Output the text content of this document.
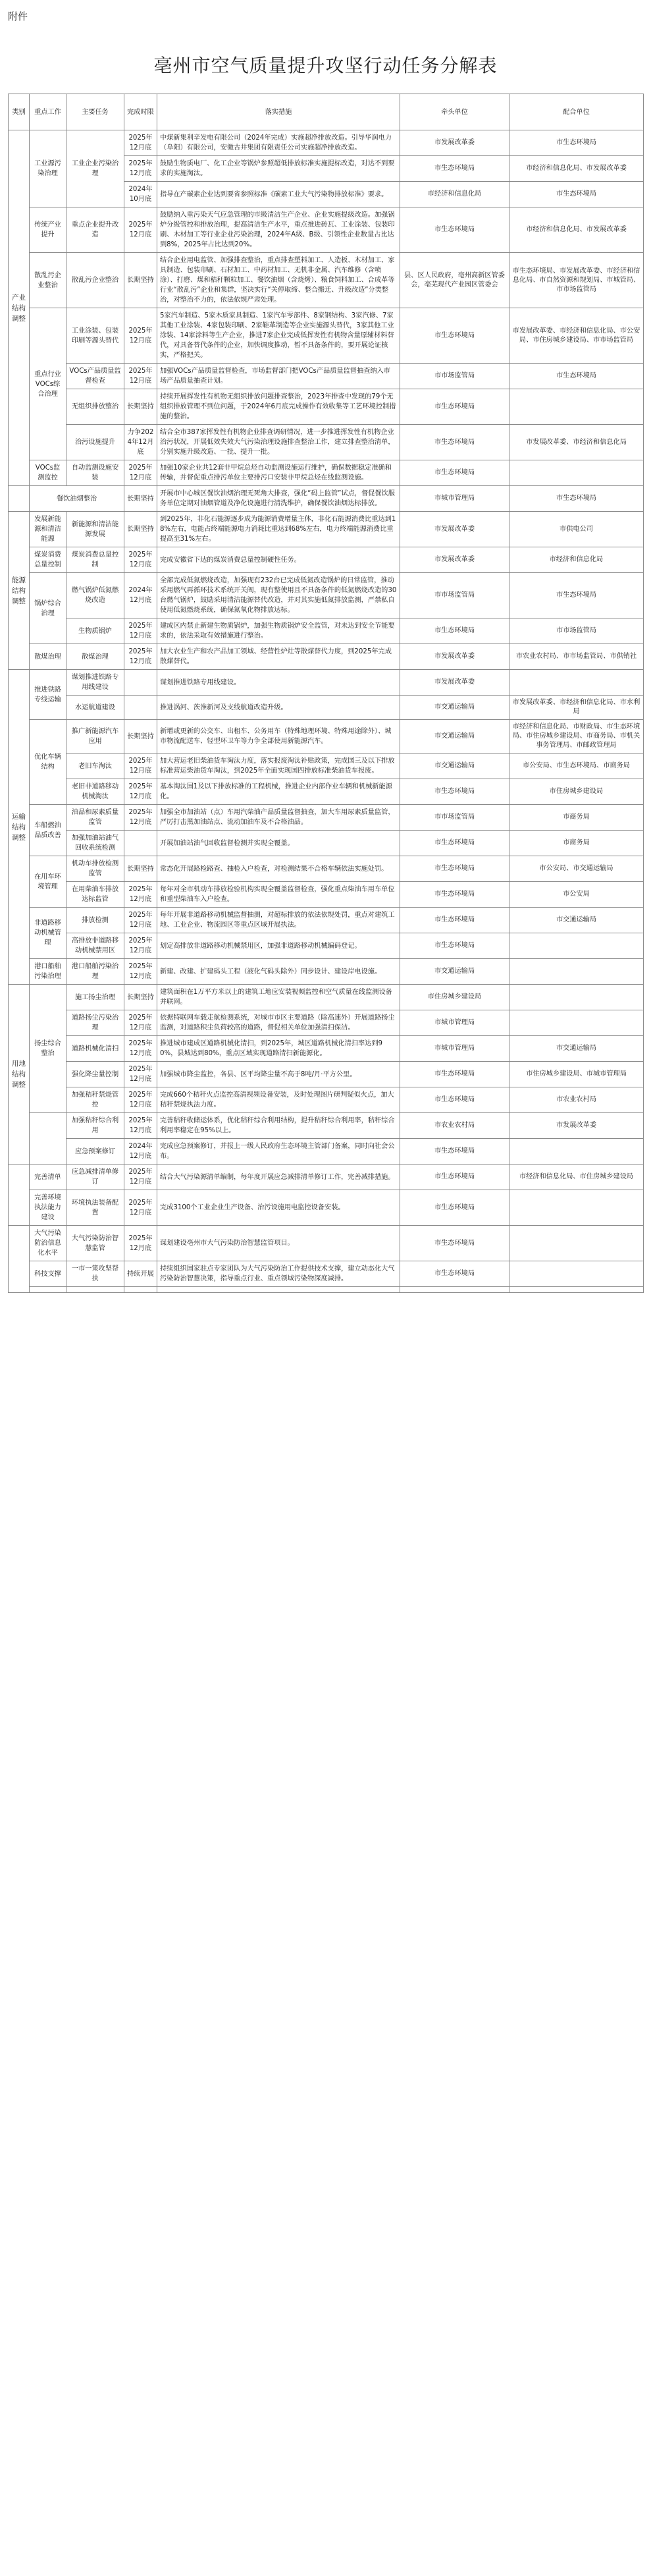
附件
亳州市空气质量提升攻坚行动任务分解表
类别	重点工作	主要任务	完成时限	落实措施	牵头单位	配合单位
产业结构调整	工业源污染治理	工业企业污染治理	2025年12月底	中煤新集利辛发电有限公司（2024年完成）实施超净排放改造。引导华润电力（阜阳）有限公司，安徽古井集团有限责任公司实施超净排放改造。	市发展改革委	市生态环境局
			2025年12月底	鼓励生物质电厂、化工企业等锅炉参照超低排放标准实施提标改造，对达不到要求的实施淘汰。	市生态环境局	市经济和信息化局、市发展改革委
			2024年10月底	指导在产碳素企业达到要省参照标准《碳素工业大气污染物排放标准》要求。	市经济和信息化局	市生态环境局
	传统产业提升	重点企业提升改造	2025年12月底	鼓励纳入重污染天气应急管理的市级清洁生产企业、企业实施提级改造。加强锅炉分级管控和排放治理，提高清洁生产水平，重点推进砖瓦、工业涂装、包装印刷、木材加工等行业企业污染治理，2024年A级、B级、引领性企业数量占比达到8%，2025年占比达到20%。	市生态环境局	市经济和信息化局、市发展改革委
	散乱污企业整治	散乱污企业整治	长期坚持	结合企业用电监管、加强排查整治，重点排查塑料加工、人造板、木材加工、家具制造、包装印刷、石材加工、中药材加工、无机非金属、汽车维修（含喷涂）、打磨、煤和秸秆颗粒加工、餐饮油烟（含烧烤）、粮食饲料加工、合成革等行业“散乱污”企业和集群，坚决实行“关停取缔、整合搬迁、升级改造”分类整治，对整治不力的，依法依规严肃处理。	县、区人民政府，亳州高新区管委会，亳芜现代产业园区管委会	市生态环境局、市发展改革委、市经济和信息化局、市自然资源和规划局、市城管局、市市场监管局
	重点行业VOCs综合治理	工业涂装、包装印刷等源头替代	2025年12月底	5家汽车制造、5家木质家具制造、1家汽车零部件、8家钢结构、3家汽修、7家其他工业涂装、4家包装印刷、2家鞋革制造等企业实施源头替代，3家其他工业涂装、14家涂料等生产企业，推进7家企业完成低挥发性有机物含量原辅材料替代，对具备替代条件的企业，加快调度推动，暂不具备条件的，要开展论证核实，严格把关。	市生态环境局	市发展改革委、市经济和信息化局、市公安局、市住房城乡建设局、市市场监管局
		VOCs产品质量监督检查	2025年12月底	加强VOCs产品质量监督检查，市场监督部门把VOCs产品质量监督抽查纳入市场产品质量抽查计划。	市市场监管局	市生态环境局
		无组织排放整治	长期坚持	持续开展挥发性有机物无组织排放问题排查整治，2023年排查中发现的79个无组织排放管理不到位问题，于2024年6月底完成操作有效收集等工艺环境控制措施的整治。	市生态环境局	
		治污设施提升	力争2024年12月底	结合全市387家挥发性有机物企业排查调研情况，进一步推进挥发性有机物企业治污状况，开展低效失效大气污染治理设施排查整治工作，建立排查整治清单，分别实施升级改造、一批、提升一批。	市生态环境局	市发展改革委、市经济和信息化局
	VOCs监测监控	自动监测设施安装	2025年12月底	加强10家企业共12套非甲烷总烃自动监测设施运行维护，确保数据稳定准确和传输，并督促重点排污单位主要排污口安装非甲烷总烃在线监测设施。	市生态环境局	
	餐饮油烟整治		长期坚持	开展市中心城区餐饮油烟治理无死角大排查，强化“码上监管”试点，督促餐饮服务单位定期对油烟管道及净化设施进行清洗维护，确保餐饮油烟达标排放。	市城市管理局	市生态环境局
能源结构调整	发展新能源和清洁能源	新能源和清洁能源发展	长期坚持	到2025年，非化石能源逐步成为能源消费增量主体，非化石能源消费比重达到18%左右，电能占终端能源电力消耗比重达到68%左右，电力终端能源消费比重提高至31%左右。	市发展改革委	市供电公司
	煤炭消费总量控制	煤炭消费总量控制	2025年12月底	完成安徽省下达的煤炭消费总量控制硬性任务。	市发展改革委	市经济和信息化局
	锅炉综合治理	燃气锅炉低氮燃烧改造	2024年12月底	全部完成低氮燃烧改造，加强现有232台已完成低氮改造锅炉的日常监管，推动采用燃气再循环技术系统开关阀，现有整使用且不具备条件的低氮燃烧改造的30台燃气锅炉，鼓励采用清洁能源替代改造，并对其实施低氮排放监测，严禁私自使用低氮燃烧系统，确保氮氧化物排放达标。	市市场监管局	市生态环境局
		生物质锅炉	2025年12月底	建成区内禁止新建生物质锅炉，加强生物质锅炉安全监管，对未达到安全节能要求的，依法采取有效措施进行整治。	市生态环境局	市市场监管局
	散煤治理	散煤治理	2025年12月底	加大农业生产和农产品加工领域、经营性炉灶等散煤替代力度，到2025年完成散煤替代。	市发展改革委	市农业农村局、市市场监管局、市供销社
运输结构调整	推进铁路专线运输	谋划推进铁路专用线建设		谋划推进铁路专用线建设。	市发展改革委	
		水运航道建设		推进涡河、茨淮新河及支线航道改造升级。	市交通运输局	市发展改革委、市经济和信息化局、市水利局
	优化车辆结构	推广新能源汽车应用	长期坚持	新增或更新的公交车、出租车、公务用车（特殊地理环境、特殊用途除外）、城市物流配送车、轻型环卫车等力争全部使用新能源汽车。	市交通运输局	市经济和信息化局、市财政局、市生态环境局、市住房城乡建设局、市商务局、市机关事务管理局、市邮政管理局
		老旧车淘汰	2025年12月底	加大营运老旧柴油货车淘汰力度，落实报废淘汰补贴政策，完成国三及以下排放标准营运柴油货车淘汰，到2025年全面实现国四排放标准柴油货车报废。	市交通运输局	市公安局、市生态环境局、市商务局
		老旧非道路移动机械淘汰	2025年12月底	基本淘汰国1及以下排放标准的工程机械，推进企业内部作业车辆和机械新能源化。	市生态环境局	市住房城乡建设局
	车船燃油品质改善	油品和尿素质量监管	2025年12月底	加强全市加油站（点）车用汽柴油产品质量监督抽查，加大车用尿素质量监管，严厉打击黑加油站点、流动加油车及不合格油品。	市市场监管局	市商务局
		加强加油站油气回收系统检测		开展加油站油气回收监督检测并实现全覆盖。	市生态环境局	市商务局
	在用车环境管理	机动车排放检测监管	长期坚持	常态化开展路检路查、抽检入户检查，对检测结果不合格车辆依法实施处罚。	市生态环境局	市公安局、市交通运输局
		在用柴油车排放达标监管	2025年12月底	每年对全市机动车排放检验机构实现全覆盖监督检查，强化重点柴油车用车单位和重型柴油车入户检查。	市生态环境局	市公安局
	非道路移动机械管理	排放检测	2025年12月底	每年开展非道路移动机械监督抽测，对超标排放的依法依规处罚，重点对建筑工地、工业企业、物流园区等重点区域开展执法。	市生态环境局	市交通运输局
		高排放非道路移动机械禁用区	2025年12月底	划定高排放非道路移动机械禁用区，加强非道路移动机械编码登记。	市生态环境局	
	港口船舶污染治理	港口船舶污染治理	2025年12月底	新建、改建、扩建码头工程（液化气码头除外）同步设计、建设岸电设施。	市交通运输局	
用地结构调整	扬尘综合整治	施工扬尘治理	长期坚持	建筑面积在1万平方米以上的建筑工地应安装视频监控和空气质量在线监测设备并联网。	市住房城乡建设局	
		道路扬尘污染治理	2025年12月底	依据特联网车载走航检测系统，对城市市区主要道路（除高速外）开展道路扬尘监测，对道路积尘负荷较高的道路，督促相关单位加强清扫保洁。	市城市管理局	
		道路机械化清扫	2025年12月底	推进城市建成区道路机械化清扫，到2025年，城区道路机械化清扫率达到90%，县城达到80%，重点区域实现道路清扫新能源化。	市城市管理局	市交通运输局
		强化降尘量控制	2025年12月底	加强城市降尘监控，各县、区平均降尘量不高于8吨/月·平方公里。	市生态环境局	市住房城乡建设局、市城市管理局
		加强秸秆禁烧管控	2025年12月底	完成660个秸秆火点监控高清视频设备安装，及时处理图片研判疑似火点，加大秸秆禁烧执法力度。	市生态环境局	市农业农村局
		加强秸秆综合利用	2025年12月底	完善秸秆收储运体系，优化秸秆综合利用结构，提升秸秆综合利用率，秸秆综合利用率稳定在95%以上。	市农业农村局	市发展改革委
		应急预案修订	2024年12月底	完成应急预案修订，并报上一级人民政府生态环境主管部门备案，同时向社会公布。	市生态环境局	
	完善清单	应急减排清单修订	2025年12月底	结合大气污染源清单编制，每年度开展应急减排清单修订工作，完善减排措施。	市生态环境局	市经济和信息化局、市住房城乡建设局
	完善环境执法能力建设	环境执法装备配置	2025年12月底	完成3100个工业企业生产设备、治污设施用电监控设备安装。	市生态环境局	
	大气污染防治信息化水平	大气污染防治智慧监管	2025年12月底	谋划建设亳州市大气污染防治智慧监管项目。	市生态环境局	
	科技支撑	一市一策攻坚帮扶	持续开展	持续组织国家驻点专家团队为大气污染防治工作提供技术支撑，建立动态化大气污染防治智慧决策，指导重点行业、重点领域污染物深度减排。	市生态环境局	
